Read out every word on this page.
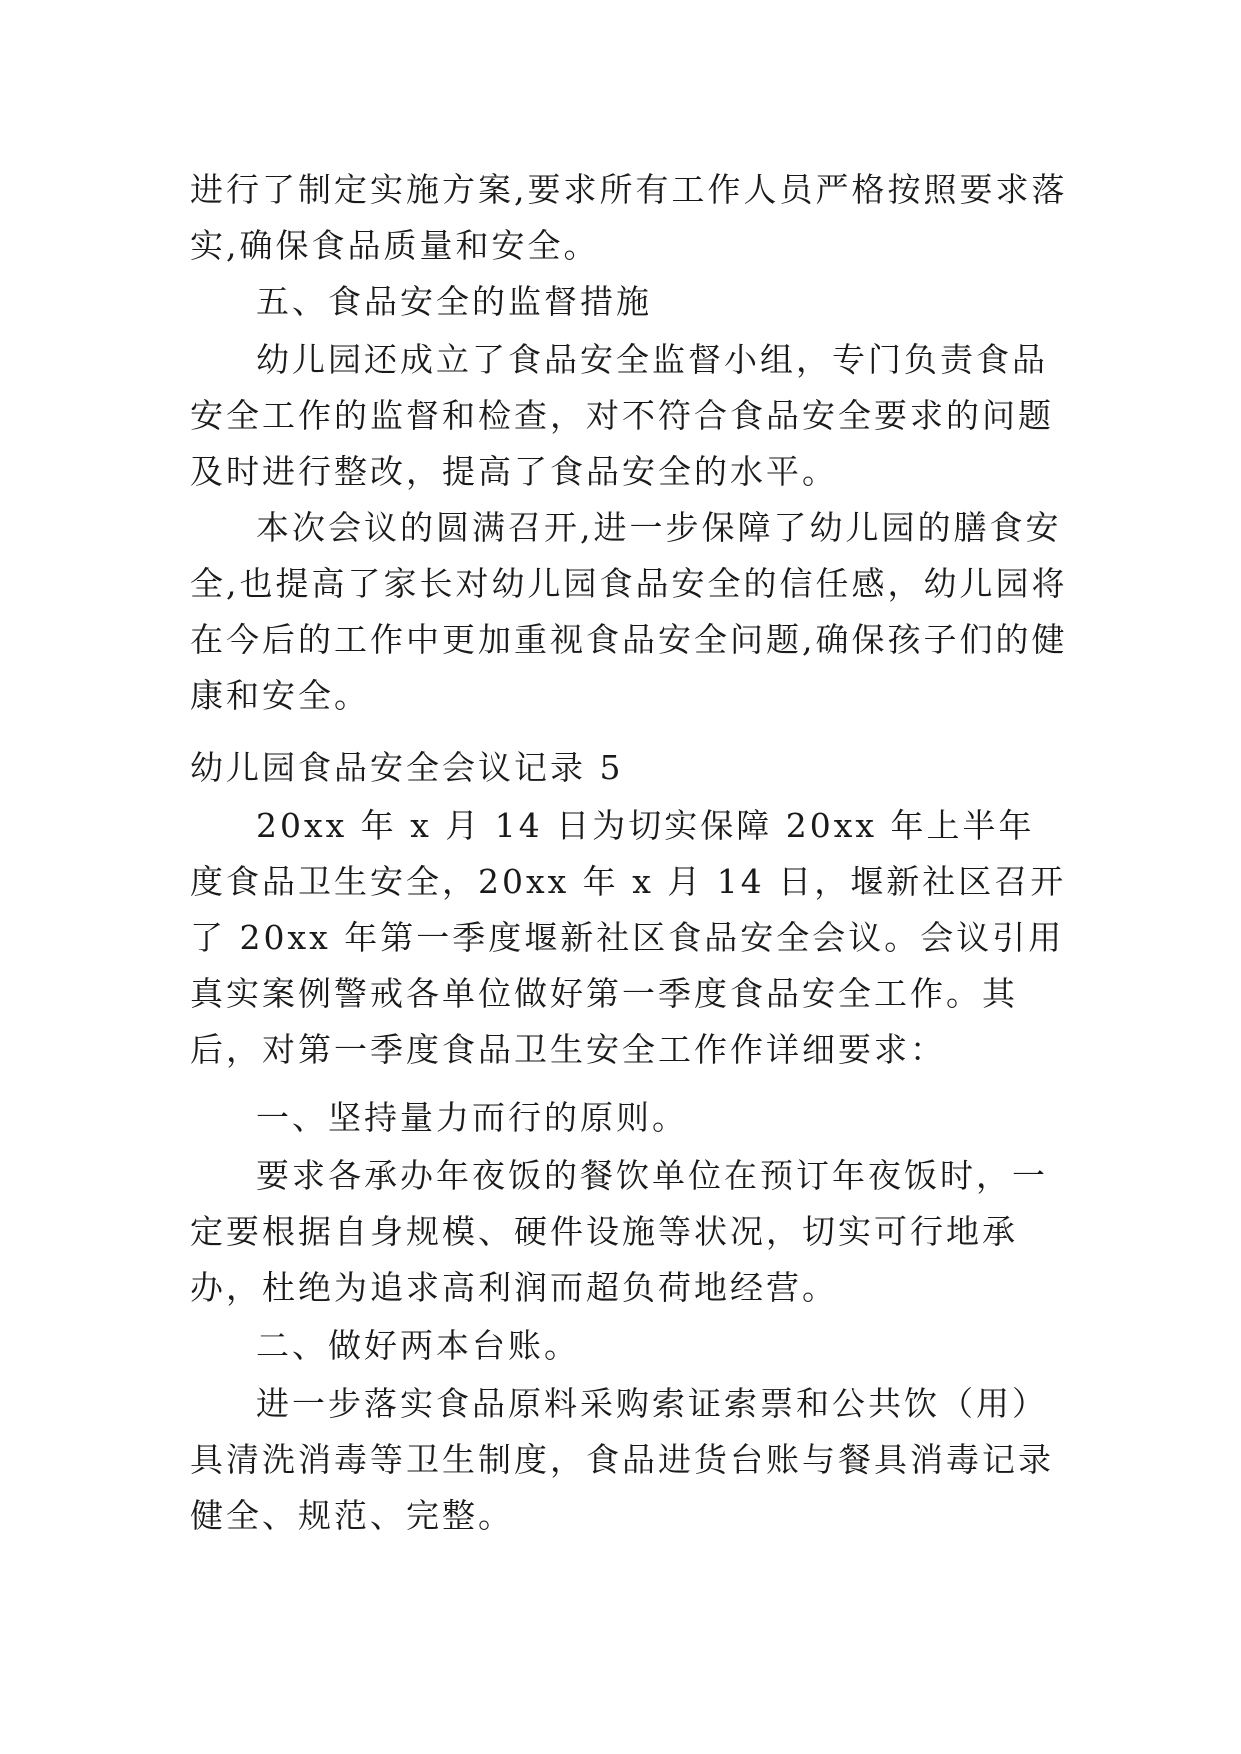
进行了制定实施方案,要求所有工作人员严格按照要求落实,确保食品质量和安全。

五、食品安全的监督措施

幼儿园还成立了食品安全监督小组，专门负责食品安全工作的监督和检查，对不符合食品安全要求的问题及时进行整改，提高了食品安全的水平。

本次会议的圆满召开,进一步保障了幼儿园的膳食安全,也提高了家长对幼儿园食品安全的信任感，幼儿园将在今后的工作中更加重视食品安全问题,确保孩子们的健康和安全。

幼儿园食品安全会议记录 5

20xx 年 x 月 14 日为切实保障 20xx 年上半年度食品卫生安全，20xx 年 x 月 14 日，堰新社区召开了 20xx 年第一季度堰新社区食品安全会议。会议引用真实案例警戒各单位做好第一季度食品安全工作。其后，对第一季度食品卫生安全工作作详细要求：

一、坚持量力而行的原则。

要求各承办年夜饭的餐饮单位在预订年夜饭时，一定要根据自身规模、硬件设施等状况，切实可行地承办，杜绝为追求高利润而超负荷地经营。

二、做好两本台账。

进一步落实食品原料采购索证索票和公共饮（用）具清洗消毒等卫生制度，食品进货台账与餐具消毒记录健全、规范、完整。
